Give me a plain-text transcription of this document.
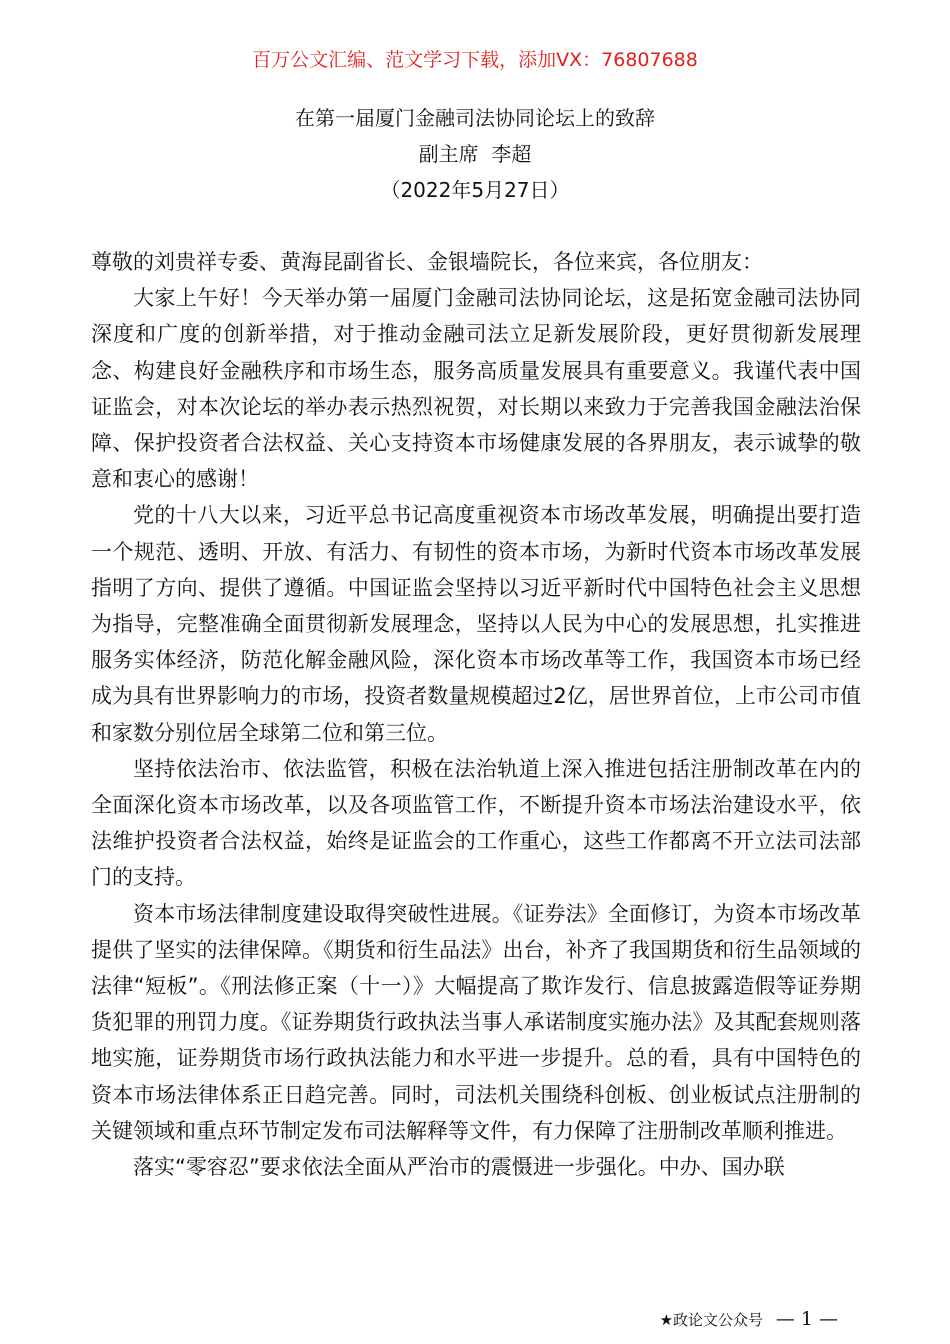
百万公文汇编、范文学习下载，添加VX：76807688
在第一届厦门金融司法协同论坛上的致辞
副主席  李超
（2022年5月27日）

尊敬的刘贵祥专委、黄海昆副省长、金银墙院长，各位来宾，各位朋友：

大家上午好！今天举办第一届厦门金融司法协同论坛，这是拓宽金融司法协同深度和广度的创新举措，对于推动金融司法立足新发展阶段，更好贯彻新发展理念、构建良好金融秩序和市场生态，服务高质量发展具有重要意义。我谨代表中国证监会，对本次论坛的举办表示热烈祝贺，对长期以来致力于完善我国金融法治保障、保护投资者合法权益、关心支持资本市场健康发展的各界朋友，表示诚挚的敬意和衷心的感谢！

党的十八大以来，习近平总书记高度重视资本市场改革发展，明确提出要打造一个规范、透明、开放、有活力、有韧性的资本市场，为新时代资本市场改革发展指明了方向、提供了遵循。中国证监会坚持以习近平新时代中国特色社会主义思想为指导，完整准确全面贯彻新发展理念，坚持以人民为中心的发展思想，扎实推进服务实体经济，防范化解金融风险，深化资本市场改革等工作，我国资本市场已经成为具有世界影响力的市场，投资者数量规模超过2亿，居世界首位，上市公司市值和家数分别位居全球第二位和第三位。

坚持依法治市、依法监管，积极在法治轨道上深入推进包括注册制改革在内的全面深化资本市场改革，以及各项监管工作，不断提升资本市场法治建设水平，依法维护投资者合法权益，始终是证监会的工作重心，这些工作都离不开立法司法部门的支持。

资本市场法律制度建设取得突破性进展。《证券法》全面修订，为资本市场改革提供了坚实的法律保障。《期货和衍生品法》出台，补齐了我国期货和衍生品领域的法律“短板”。《刑法修正案（十一）》大幅提高了欺诈发行、信息披露造假等证券期货犯罪的刑罚力度。《证券期货行政执法当事人承诺制度实施办法》及其配套规则落地实施，证券期货市场行政执法能力和水平进一步提升。总的看，具有中国特色的资本市场法律体系正日趋完善。同时，司法机关围绕科创板、创业板试点注册制的关键领域和重点环节制定发布司法解释等文件，有力保障了注册制改革顺利推进。

落实“零容忍”要求依法全面从严治市的震慑进一步强化。中办、国办联

★政论文公众号 — 1 —
